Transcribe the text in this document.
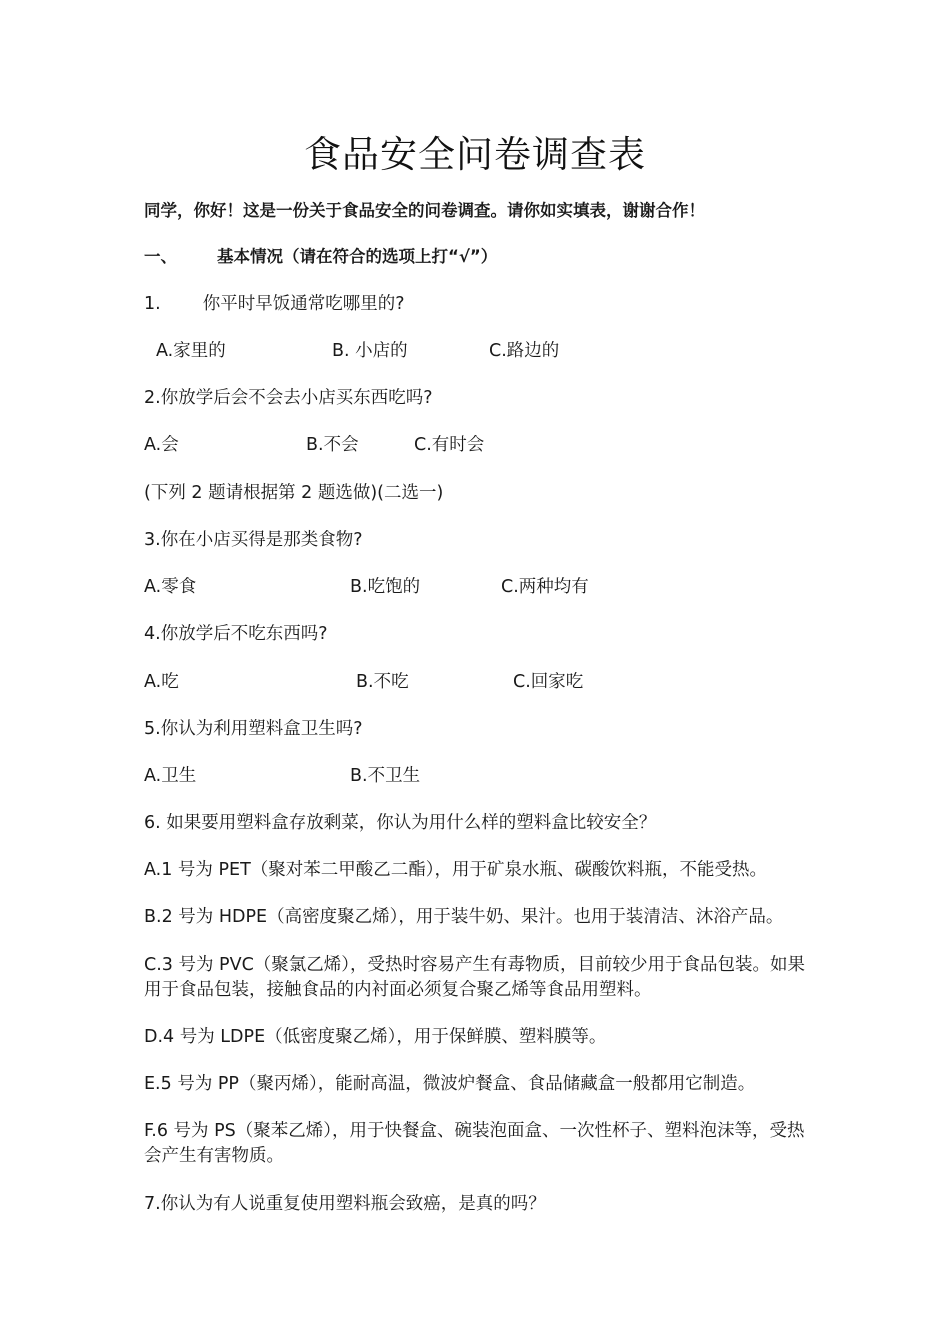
食品安全问卷调查表

同学，你好！这是一份关于食品安全的问卷调查。请你如实填表，谢谢合作！

一、 基本情况（请在符合的选项上打“√”）

1. 你平时早饭通常吃哪里的?

A.家里的	B. 小店的	C.路边的

2.你放学后会不会去小店买东西吃吗?

A.会	B.不会	C.有时会

(下列 2 题请根据第 2 题选做)(二选一)

3.你在小店买得是那类食物?

A.零食	B.吃饱的	C.两种均有

4.你放学后不吃东西吗?

A.吃	B.不吃	C.回家吃

5.你认为利用塑料盒卫生吗?

A.卫生	B.不卫生

6. 如果要用塑料盒存放剩菜，你认为用什么样的塑料盒比较安全？

A.1 号为 PET（聚对苯二甲酸乙二酯），用于矿泉水瓶、碳酸饮料瓶，不能受热。

B.2 号为 HDPE（高密度聚乙烯），用于装牛奶、果汁。也用于装清洁、沐浴产品。

C.3 号为 PVC（聚氯乙烯），受热时容易产生有毒物质，目前较少用于食品包装。如果用于食品包装，接触食品的内衬面必须复合聚乙烯等食品用塑料。

D.4 号为 LDPE（低密度聚乙烯），用于保鲜膜、塑料膜等。

E.5 号为 PP（聚丙烯），能耐高温，微波炉餐盒、食品储藏盒一般都用它制造。

F.6 号为 PS（聚苯乙烯），用于快餐盒、碗装泡面盒、一次性杯子、塑料泡沫等，受热会产生有害物质。

7.你认为有人说重复使用塑料瓶会致癌，是真的吗？
